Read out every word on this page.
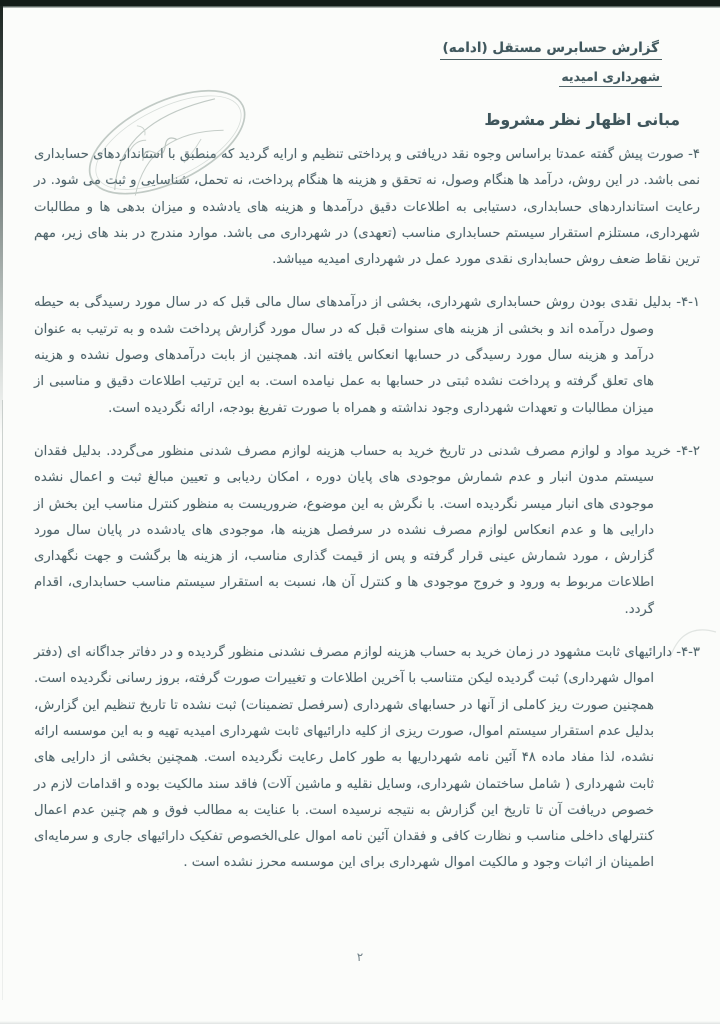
گزارش حسابرس مستقل (ادامه)
شهرداری امیدیه
مبانی اظهار نظر مشروط

۴- صورت پیش گفته عمدتا براساس وجوه نقد دریافتی و پرداختی تنظیم و ارایه گردید که منطبق با استانداردهای حسابداری نمی باشد. در این روش، درآمد ها هنگام وصول، نه تحقق و هزینه ها هنگام پرداخت، نه تحمل، شناسایی و ثبت می شود. در رعایت استانداردهای حسابداری، دستیابی به اطلاعات دقیق درآمدها و هزینه های یادشده و میزان بدهی ها و مطالبات شهرداری، مستلزم استقرار سیستم حسابداری مناسب (تعهدی) در شهرداری می باشد. موارد مندرج در بند های زیر، مهم ترین نقاط ضعف روش حسابداری نقدی مورد عمل در شهرداری امیدیه میباشد.

۴-۱- بدلیل نقدی بودن روش حسابداری شهرداری، بخشی از درآمدهای سال مالی قبل که در سال مورد رسیدگی به حیطه وصول درآمده اند و بخشی از هزینه های سنوات قبل که در سال مورد گزارش پرداخت شده و به ترتیب به عنوان درآمد و هزینه سال مورد رسیدگی در حسابها انعکاس یافته اند. همچنین از بابت درآمدهای وصول نشده و هزینه های تعلق گرفته و پرداخت نشده ثبتی در حسابها به عمل نیامده است. به این ترتیب اطلاعات دقیق و مناسبی از میزان مطالبات و تعهدات شهرداری وجود نداشته و همراه با صورت تفریغ بودجه، ارائه نگردیده است.

۴-۲- خرید مواد و لوازم مصرف شدنی در تاریخ خرید به حساب هزینه لوازم مصرف شدنی منظور می‌گردد. بدلیل فقدان سیستم مدون انبار و عدم شمارش موجودی های پایان دوره ، امکان ردیابی و تعیین مبالغ ثبت و اعمال نشده موجودی های انبار میسر نگردیده است. با نگرش به این موضوع، ضروریست به منظور کنترل مناسب این بخش از دارایی ها و عدم انعکاس لوازم مصرف نشده در سرفصل هزینه ها، موجودی های یادشده در پایان سال مورد گزارش ، مورد شمارش عینی قرار گرفته و پس از قیمت گذاری مناسب، از هزینه ها برگشت و جهت نگهداری اطلاعات مربوط به ورود و خروج موجودی ها و کنترل آن ها، نسبت به استقرار سیستم مناسب حسابداری، اقدام گردد.

۴-۳- دارائیهای ثابت مشهود در زمان خرید به حساب هزینه لوازم مصرف نشدنی منظور گردیده و در دفاتر جداگانه ای (دفتر اموال شهرداری) ثبت گردیده لیکن متناسب با آخرین اطلاعات و تغییرات صورت گرفته، بروز رسانی نگردیده است. همچنین صورت ریز کاملی از آنها در حسابهای شهرداری (سرفصل تضمینات) ثبت نشده تا تاریخ تنظیم این گزارش، بدلیل عدم استقرار سیستم اموال، صورت ریزی از کلیه دارائیهای ثابت شهرداری امیدیه تهیه و به این موسسه ارائه نشده، لذا مفاد ماده ۴۸ آئین نامه شهرداریها به طور کامل رعایت نگردیده است. همچنین بخشی از دارایی های ثابت شهرداری ( شامل ساختمان شهرداری، وسایل نقلیه و ماشین آلات) فاقد سند مالکیت بوده و اقدامات لازم در خصوص دریافت آن تا تاریخ این گزارش به نتیجه نرسیده است. با عنایت به مطالب فوق و هم چنین عدم اعمال کنترلهای داخلی مناسب و نظارت کافی و فقدان آئین نامه اموال علی‌الخصوص تفکیک دارائیهای جاری و سرمایه‌ای اطمینان از اثبات وجود و مالکیت اموال شهرداری برای این موسسه محرز نشده است .

۲
